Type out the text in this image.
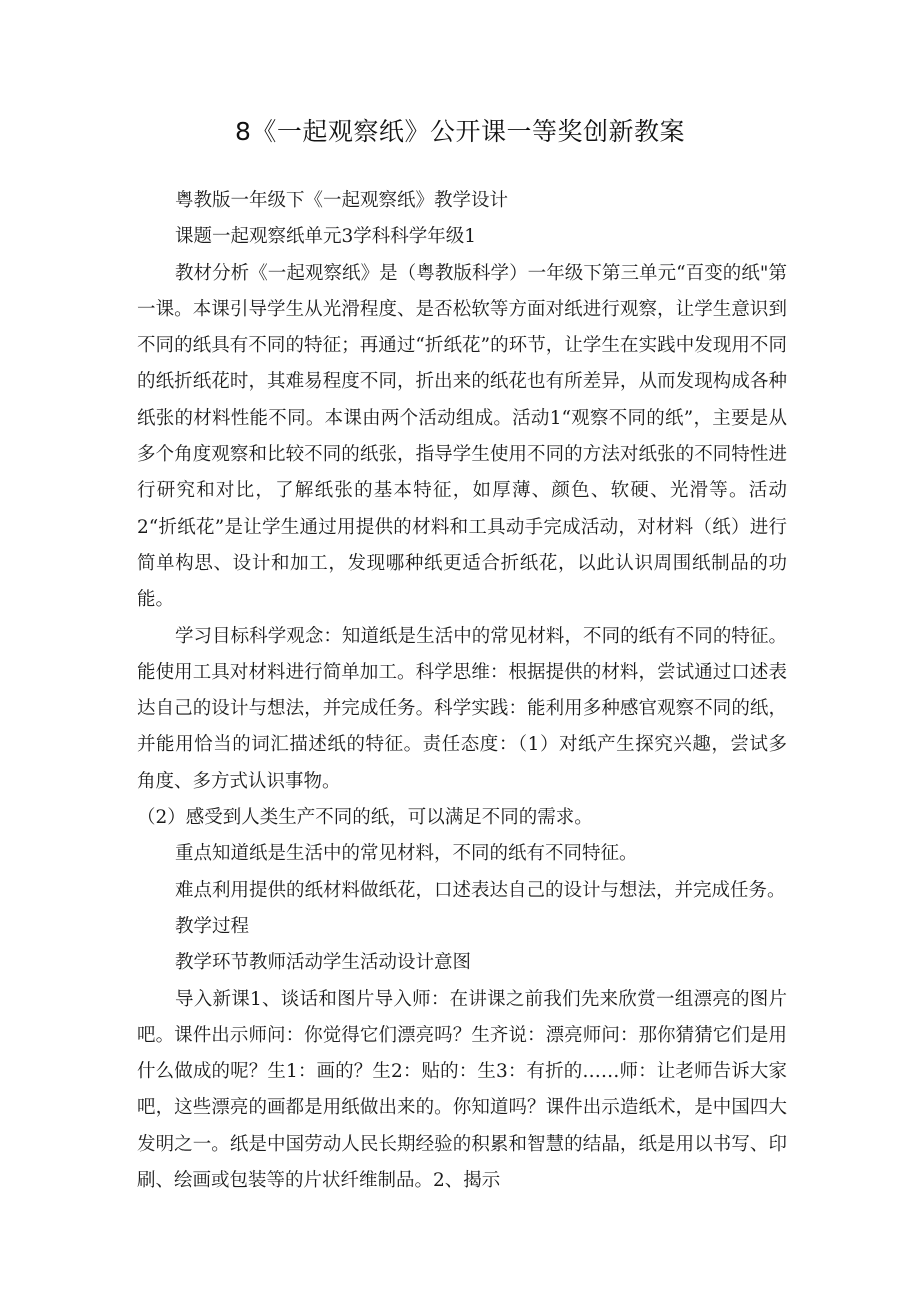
8《一起观察纸》公开课一等奖创新教案

粤教版一年级下《一起观察纸》教学设计

课题一起观察纸单元3学科科学年级1

教材分析《一起观察纸》是（粤教版科学）一年级下第三单元“百变的纸"第一课。本课引导学生从光滑程度、是否松软等方面对纸进行观察，让学生意识到不同的纸具有不同的特征；再通过“折纸花”的环节，让学生在实践中发现用不同的纸折纸花时，其难易程度不同，折出来的纸花也有所差异，从而发现构成各种纸张的材料性能不同。本课由两个活动组成。活动1“观察不同的纸”，主要是从多个角度观察和比较不同的纸张，指导学生使用不同的方法对纸张的不同特性进行研究和对比，了解纸张的基本特征，如厚薄、颜色、软硬、光滑等。活动2“折纸花”是让学生通过用提供的材料和工具动手完成活动，对材料（纸）进行简单构思、设计和加工，发现哪种纸更适合折纸花，以此认识周围纸制品的功能。

学习目标科学观念：知道纸是生活中的常见材料，不同的纸有不同的特征。能使用工具对材料进行简单加工。科学思维：根据提供的材料，尝试通过口述表达自己的设计与想法，并完成任务。科学实践：能利用多种感官观察不同的纸，并能用恰当的词汇描述纸的特征。责任态度：（1）对纸产生探究兴趣，尝试多角度、多方式认识事物。

（2）感受到人类生产不同的纸，可以满足不同的需求。

重点知道纸是生活中的常见材料，不同的纸有不同特征。

难点利用提供的纸材料做纸花，口述表达自己的设计与想法，并完成任务。

教学过程

教学环节教师活动学生活动设计意图

导入新课1、谈话和图片导入师：在讲课之前我们先来欣赏一组漂亮的图片吧。课件出示师问：你觉得它们漂亮吗？生齐说：漂亮师问：那你猜猜它们是用什么做成的呢？生1：画的？生2：贴的：生3：有折的……师：让老师告诉大家吧，这些漂亮的画都是用纸做出来的。你知道吗？课件出示造纸术，是中国四大发明之一。纸是中国劳动人民长期经验的积累和智慧的结晶，纸是用以书写、印刷、绘画或包装等的片状纤维制品。2、揭示
